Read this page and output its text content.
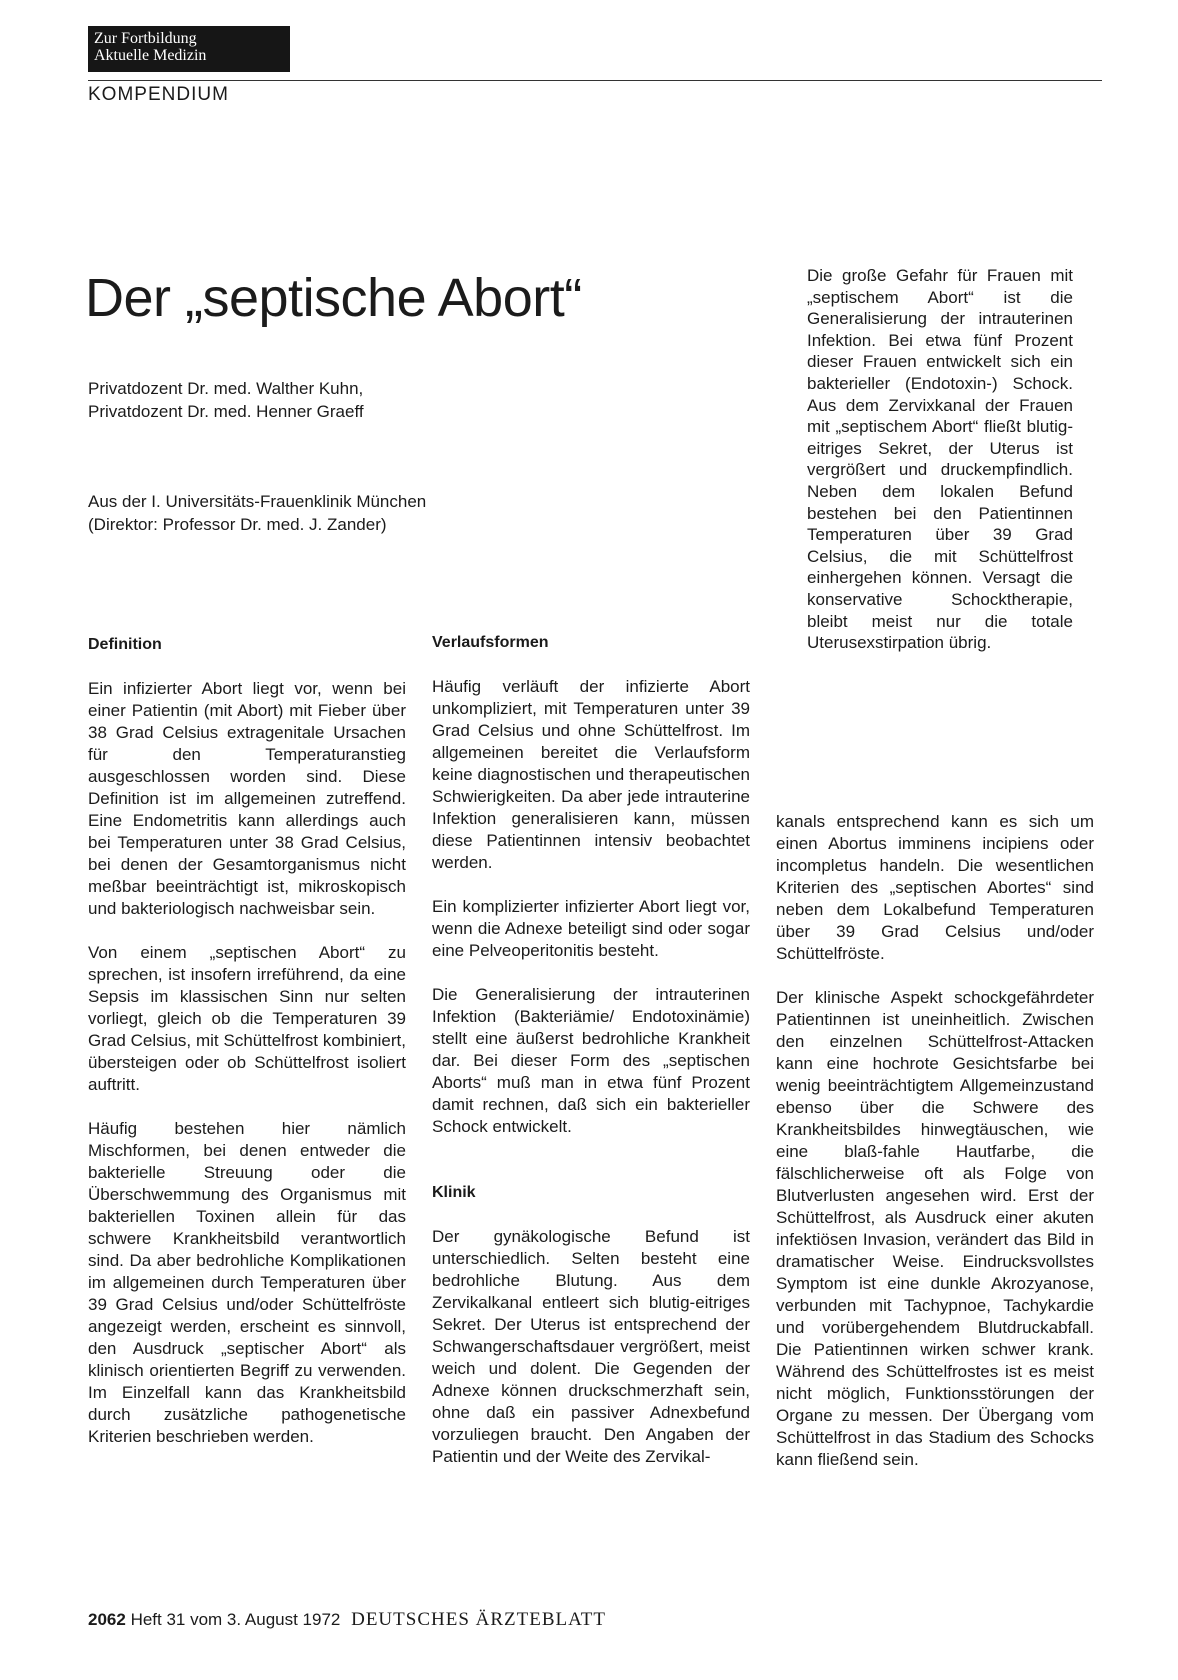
Zur Fortbildung
Aktuelle Medizin
KOMPENDIUM
Der „septische Abort“
Privatdozent Dr. med. Walther Kuhn,
Privatdozent Dr. med. Henner Graeff
Aus der I. Universitäts-Frauenklinik München
(Direktor: Professor Dr. med. J. Zander)

Die große Gefahr für Frauen mit „septischem Abort“ ist die Generalisierung der intrauterinen Infektion. Bei etwa fünf Prozent dieser Frauen entwickelt sich ein bakterieller (Endotoxin-) Schock. Aus dem Zervixkanal der Frauen mit „septischem Abort“ fließt blutig-eitriges Sekret, der Uterus ist vergrößert und druckempfindlich. Neben dem lokalen Befund bestehen bei den Patientinnen Temperaturen über 39 Grad Celsius, die mit Schüttelfrost einhergehen können. Versagt die konservative Schocktherapie, bleibt meist nur die totale Uterusexstirpation übrig.

Definition

Ein infizierter Abort liegt vor, wenn bei einer Patientin (mit Abort) mit Fieber über 38 Grad Celsius extragenitale Ursachen für den Temperaturanstieg ausgeschlossen worden sind. Diese Definition ist im allgemeinen zutreffend. Eine Endometritis kann allerdings auch bei Temperaturen unter 38 Grad Celsius, bei denen der Gesamtorganismus nicht meßbar beeinträchtigt ist, mikroskopisch und bakteriologisch nachweisbar sein.

Von einem „septischen Abort“ zu sprechen, ist insofern irreführend, da eine Sepsis im klassischen Sinn nur selten vorliegt, gleich ob die Temperaturen 39 Grad Celsius, mit Schüttelfrost kombiniert, übersteigen oder ob Schüttelfrost isoliert auftritt.

Häufig bestehen hier nämlich Mischformen, bei denen entweder die bakterielle Streuung oder die Überschwemmung des Organismus mit bakteriellen Toxinen allein für das schwere Krankheitsbild verantwortlich sind. Da aber bedrohliche Komplikationen im allgemeinen durch Temperaturen über 39 Grad Celsius und/oder Schüttelfröste angezeigt werden, erscheint es sinnvoll, den Ausdruck „septischer Abort“ als klinisch orientierten Begriff zu verwenden. Im Einzelfall kann das Krankheitsbild durch zusätzliche pathogenetische Kriterien beschrieben werden.

Verlaufsformen

Häufig verläuft der infizierte Abort unkompliziert, mit Temperaturen unter 39 Grad Celsius und ohne Schüttelfrost. Im allgemeinen bereitet die Verlaufsform keine diagnostischen und therapeutischen Schwierigkeiten. Da aber jede intrauterine Infektion generalisieren kann, müssen diese Patientinnen intensiv beobachtet werden.

Ein komplizierter infizierter Abort liegt vor, wenn die Adnexe beteiligt sind oder sogar eine Pelveoperitonitis besteht.

Die Generalisierung der intrauterinen Infektion (Bakteriämie/ Endotoxinämie) stellt eine äußerst bedrohliche Krankheit dar. Bei dieser Form des „septischen Aborts“ muß man in etwa fünf Prozent damit rechnen, daß sich ein bakterieller Schock entwickelt.

Klinik

Der gynäkologische Befund ist unterschiedlich. Selten besteht eine bedrohliche Blutung. Aus dem Zervikalkanal entleert sich blutig-eitriges Sekret. Der Uterus ist entsprechend der Schwangerschaftsdauer vergrößert, meist weich und dolent. Die Gegenden der Adnexe können druckschmerzhaft sein, ohne daß ein passiver Adnexbefund vorzuliegen braucht. Den Angaben der Patientin und der Weite des Zervikal-

kanals entsprechend kann es sich um einen Abortus imminens incipiens oder incompletus handeln. Die wesentlichen Kriterien des „septischen Abortes“ sind neben dem Lokalbefund Temperaturen über 39 Grad Celsius und/oder Schüttelfröste.

Der klinische Aspekt schockgefährdeter Patientinnen ist uneinheitlich. Zwischen den einzelnen Schüttelfrost-Attacken kann eine hochrote Gesichtsfarbe bei wenig beeinträchtigtem Allgemeinzustand ebenso über die Schwere des Krankheitsbildes hinwegtäuschen, wie eine blaß-fahle Hautfarbe, die fälschlicherweise oft als Folge von Blutverlusten angesehen wird. Erst der Schüttelfrost, als Ausdruck einer akuten infektiösen Invasion, verändert das Bild in dramatischer Weise. Eindrucksvollstes Symptom ist eine dunkle Akrozyanose, verbunden mit Tachypnoe, Tachykardie und vorübergehendem Blutdruckabfall. Die Patientinnen wirken schwer krank. Während des Schüttelfrostes ist es meist nicht möglich, Funktionsstörungen der Organe zu messen. Der Übergang vom Schüttelfrost in das Stadium des Schocks kann fließend sein.

2062 Heft 31 vom 3. August 1972 DEUTSCHES ÄRZTEBLATT
